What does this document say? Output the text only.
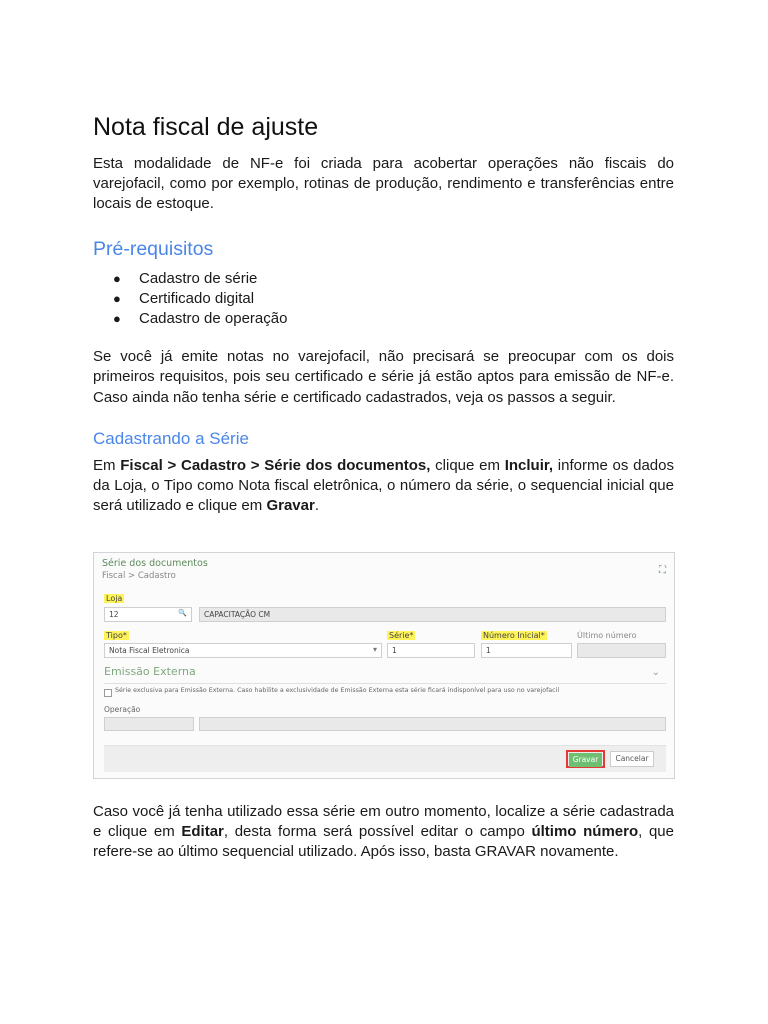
Nota fiscal de ajuste

Esta modalidade de NF-e foi criada para acobertar operações não fiscais do varejofacil, como por exemplo, rotinas de produção, rendimento e transferências entre locais de estoque.

Pré-requisitos
● Cadastro de série
● Certificado digital
● Cadastro de operação

Se você já emite notas no varejofacil, não precisará se preocupar com os dois primeiros requisitos, pois seu certificado e série já estão aptos para emissão de NF-e. Caso ainda não tenha série e certificado cadastrados, veja os passos a seguir.

Cadastrando a Série

Em Fiscal > Cadastro > Série dos documentos, clique em Incluir, informe os dados da Loja, o Tipo como Nota fiscal eletrônica, o número da série, o sequencial inicial que será utilizado e clique em Gravar.

Série dos documentos
Fiscal > Cadastro	⛶
Loja
12	🔍	CAPACITAÇÃO CM
Tipo*
Nota Fiscal Eletronica	▾
Série*
1
Número Inicial*
1
Último número
Emissão Externa	⌄
Série exclusiva para Emissão Externa. Caso habilite a exclusividade de Emissão Externa esta série ficará indisponível para uso no varejofacil
Operação
Gravar	Cancelar

Caso você já tenha utilizado essa série em outro momento, localize a série cadastrada e clique em Editar, desta forma será possível editar o campo último número, que refere-se ao último sequencial utilizado. Após isso, basta GRAVAR novamente.
